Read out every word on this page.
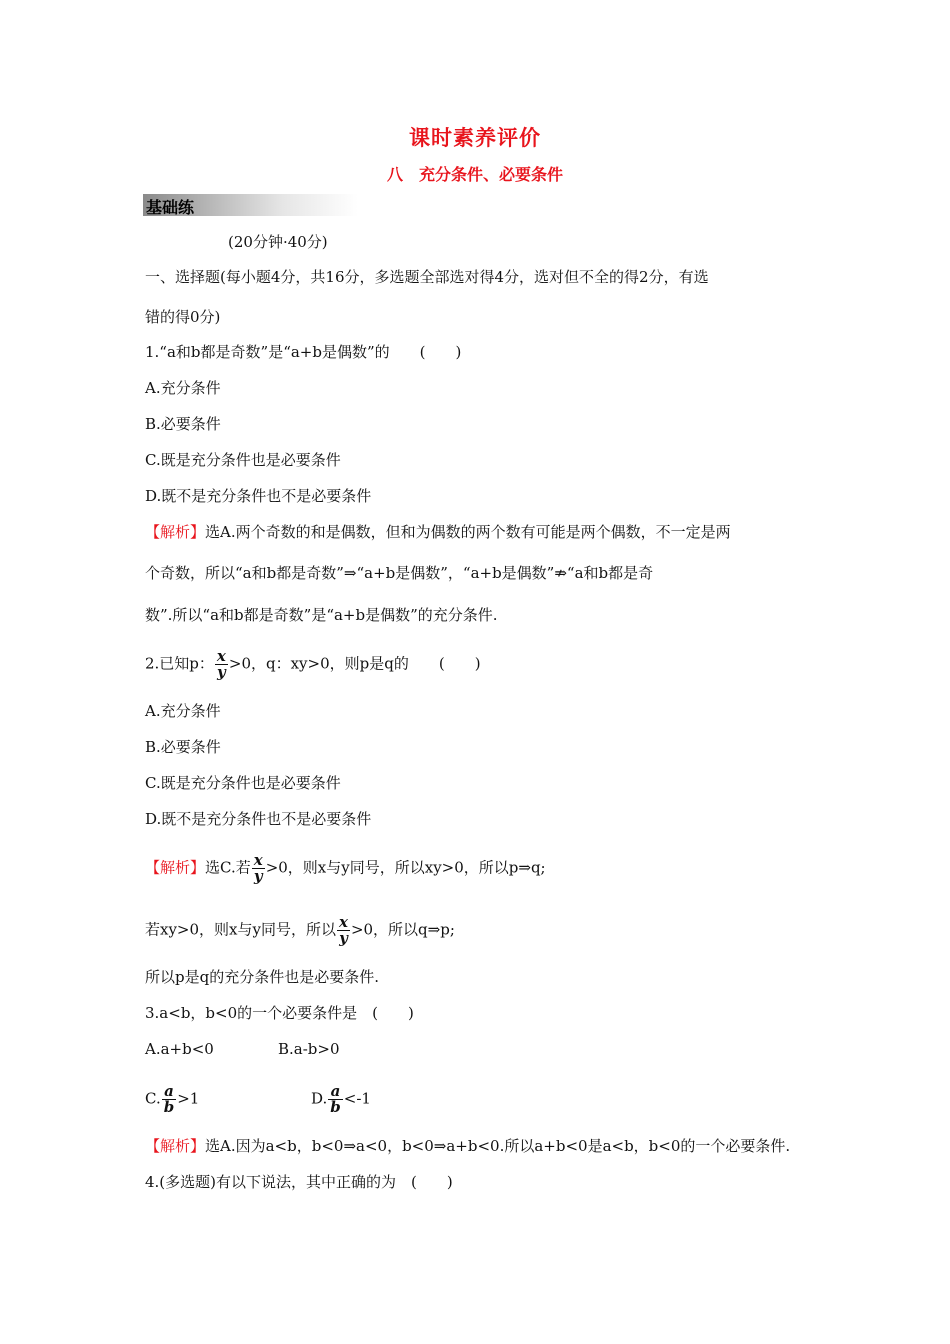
课时素养评价
八 充分条件、必要条件
基础练
(20分钟·40分)
一、选择题(每小题4分，共16分，多选题全部选对得4分，选对但不全的得2分，有选
错的得0分)
1.“a和b都是奇数”是“a+b是偶数”的　　(　　)
A.充分条件
B.必要条件
C.既是充分条件也是必要条件
D.既不是充分条件也不是必要条件
【解析】选A.两个奇数的和是偶数，但和为偶数的两个数有可能是两个偶数，不一定是两
个奇数，所以“a和b都是奇数”⇒“a+b是偶数”，“a+b是偶数”⇏“a和b都是奇
数”.所以“a和b都是奇数”是“a+b是偶数”的充分条件.
2.已知p： $\frac{x}{y} >0$，q：xy>0，则p是q的　　(　　)
A.充分条件
B.必要条件
C.既是充分条件也是必要条件
D.既不是充分条件也不是必要条件
【解析】选C.若 $\frac{x}{y} >0$，则x与y同号，所以xy>0，所以p⇒q;
若xy>0，则x与y同号，所以 $\frac{x}{y} >0$，所以q⇒p;
所以p是q的充分条件也是必要条件.
3.a<b，b<0的一个必要条件是　(　　)
A.a+b<0	B.a-b>0
C. $\frac{a}{b} >1$	D. $\frac{a}{b} <-1$
【解析】选A.因为a<b，b<0⇒a<0，b<0⇒a+b<0.所以a+b<0是a<b，b<0的一个必要条件.
4.(多选题)有以下说法，其中正确的为　(　　)
